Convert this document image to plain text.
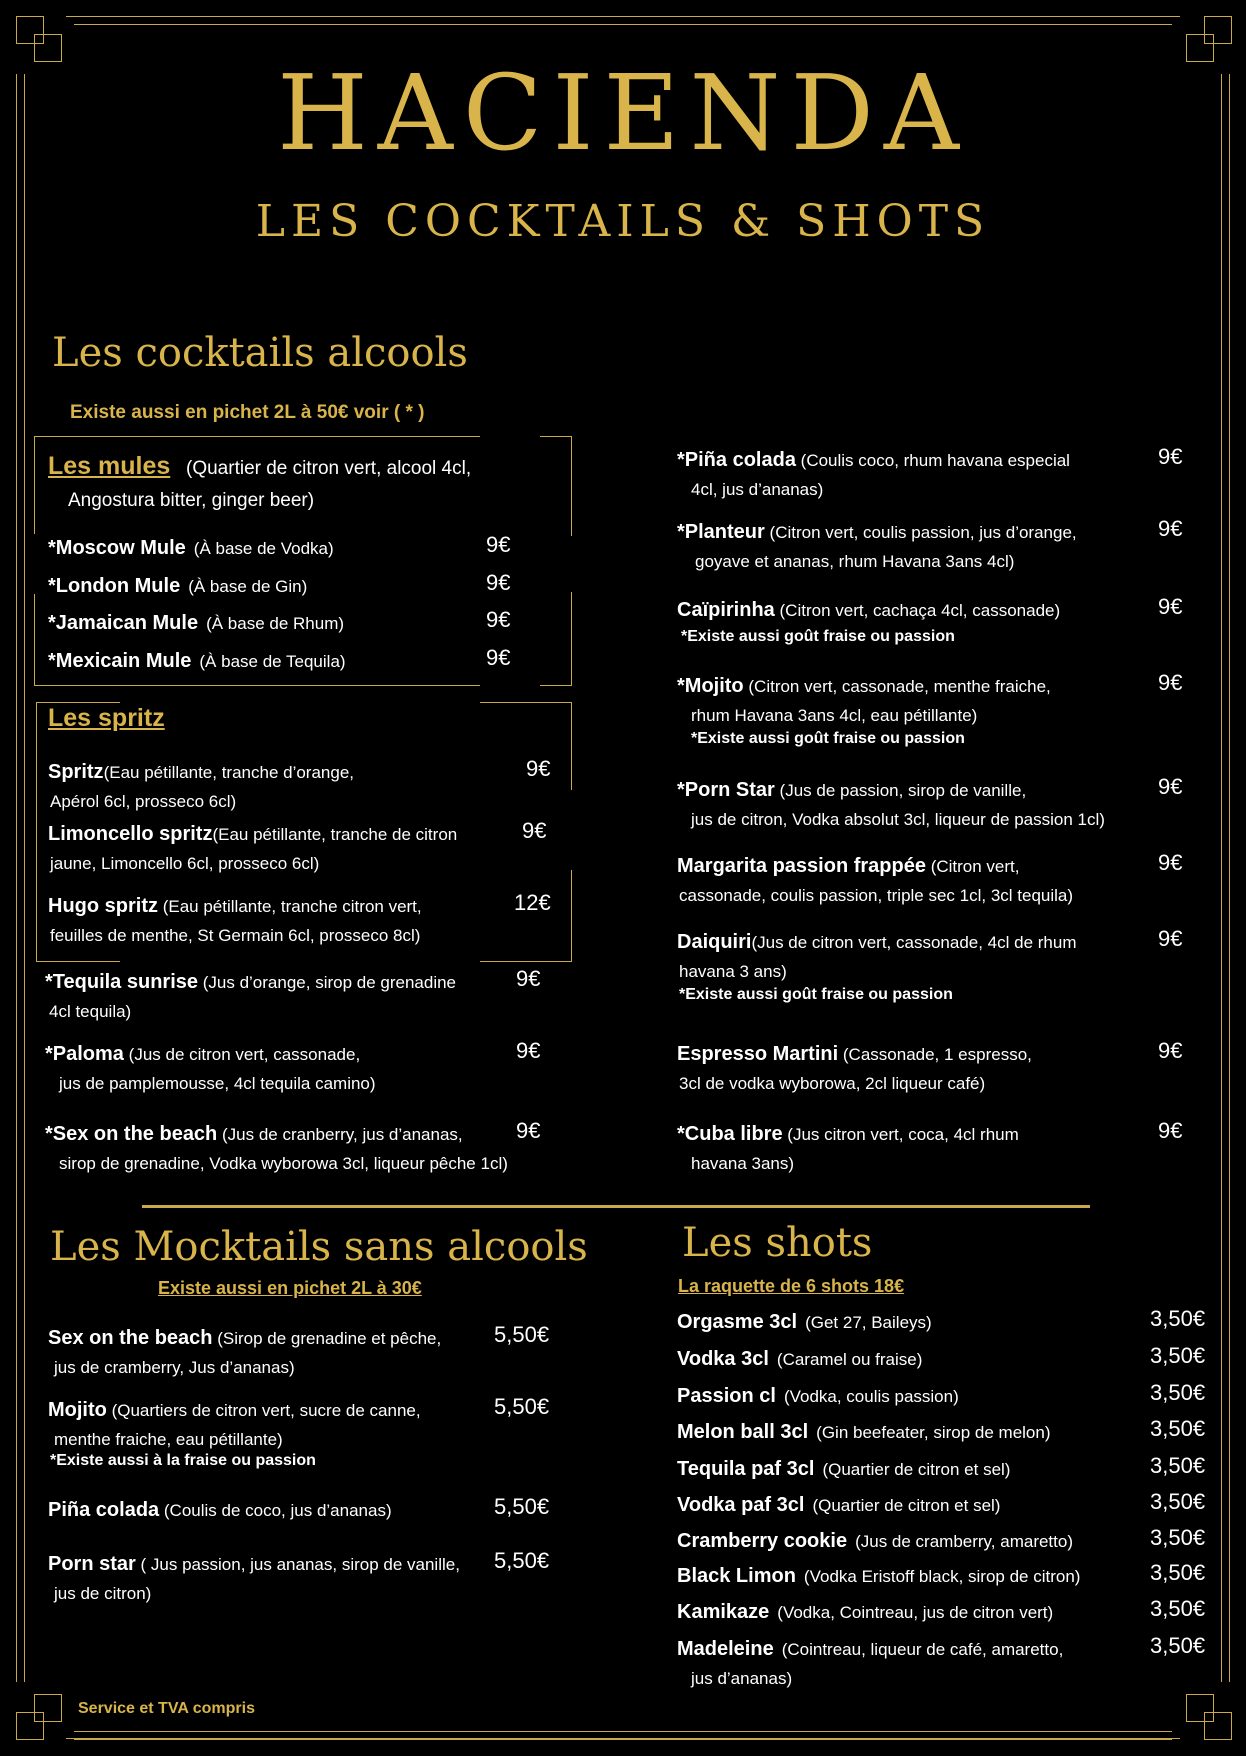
HACIENDA
LES COCKTAILS & SHOTS
Les cocktails alcools
Existe aussi en pichet 2L à 50€ voir ( * )
Les mules (Quartier de citron vert, alcool 4cl,
Angostura bitter, ginger beer)
*Moscow Mule (À base de Vodka)	9€
*London Mule (À base de Gin)	9€
*Jamaican Mule (À base de Rhum)	9€
*Mexicain Mule (À base de Tequila)	9€
Les spritz
Spritz(Eau pétillante, tranche d’orange,
Apérol 6cl, prosseco 6cl)
9€
Limoncello spritz(Eau pétillante, tranche de citron
jaune, Limoncello 6cl, prosseco 6cl)
9€
Hugo spritz (Eau pétillante, tranche citron vert,
feuilles de menthe, St Germain 6cl, prosseco 8cl)
12€
*Tequila sunrise (Jus d’orange, sirop de grenadine
4cl tequila)
9€
*Paloma (Jus de citron vert, cassonade,
jus de pamplemousse, 4cl tequila camino)
9€
*Sex on the beach (Jus de cranberry, jus d’ananas,
sirop de grenadine, Vodka wyborowa 3cl, liqueur pêche 1cl)
9€
*Piña colada (Coulis coco, rhum havana especial
4cl, jus d’ananas)
9€
*Planteur (Citron vert, coulis passion, jus d’orange,
goyave et ananas, rhum Havana 3ans 4cl)
9€
Caïpirinha (Citron vert, cachaça 4cl, cassonade)
*Existe aussi goût fraise ou passion
9€
*Mojito (Citron vert, cassonade, menthe fraiche,
rhum Havana 3ans 4cl, eau pétillante)
*Existe aussi goût fraise ou passion
9€
*Porn Star (Jus de passion, sirop de vanille,
jus de citron, Vodka absolut 3cl, liqueur de passion 1cl)
9€
Margarita passion frappée (Citron vert,
cassonade, coulis passion, triple sec 1cl, 3cl tequila)
9€
Daiquiri(Jus de citron vert, cassonade, 4cl de rhum
havana 3 ans)
*Existe aussi goût fraise ou passion
9€
Espresso Martini (Cassonade, 1 espresso,
3cl de vodka wyborowa, 2cl liqueur café)
9€
*Cuba libre (Jus citron vert, coca, 4cl rhum
havana 3ans)
9€
Les Mocktails sans alcools
Existe aussi en pichet 2L à 30€
Sex on the beach (Sirop de grenadine et pêche,
jus de cramberry, Jus d’ananas)
5,50€
Mojito (Quartiers de citron vert, sucre de canne,
menthe fraiche, eau pétillante)
*Existe aussi à la fraise ou passion
5,50€
Piña colada (Coulis de coco, jus d’ananas)	5,50€
Porn star ( Jus passion, jus ananas, sirop de vanille,
jus de citron)
5,50€
Les shots
La raquette de 6 shots 18€
Orgasme 3cl (Get 27, Baileys)	3,50€
Vodka 3cl (Caramel ou fraise)	3,50€
Passion cl (Vodka, coulis passion)	3,50€
Melon ball 3cl (Gin beefeater, sirop de melon)	3,50€
Tequila paf 3cl (Quartier de citron et sel)	3,50€
Vodka paf 3cl (Quartier de citron et sel)	3,50€
Cramberry cookie (Jus de cramberry, amaretto)	3,50€
Black Limon (Vodka Eristoff black, sirop de citron)	3,50€
Kamikaze (Vodka, Cointreau, jus de citron vert)	3,50€
Madeleine (Cointreau, liqueur de café, amaretto,
jus d’ananas)
3,50€
Service et TVA compris
